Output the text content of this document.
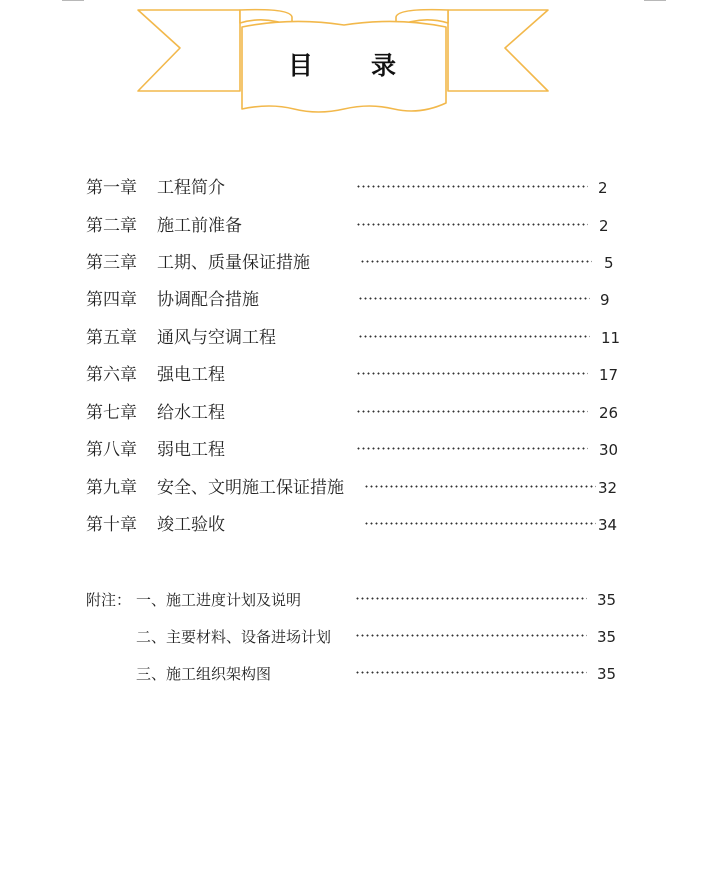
目 录
第一章 工程简介	2
第二章 施工前准备	2
第三章 工期、质量保证措施	5
第四章 协调配合措施	9
第五章 通风与空调工程	11
第六章 强电工程	17
第七章 给水工程	26
第八章 弱电工程	30
第九章 安全、文明施工保证措施	32
第十章 竣工验收	34
附注： 一、施工进度计划及说明	35
二、主要材料、设备进场计划	35
三、施工组织架构图	35
